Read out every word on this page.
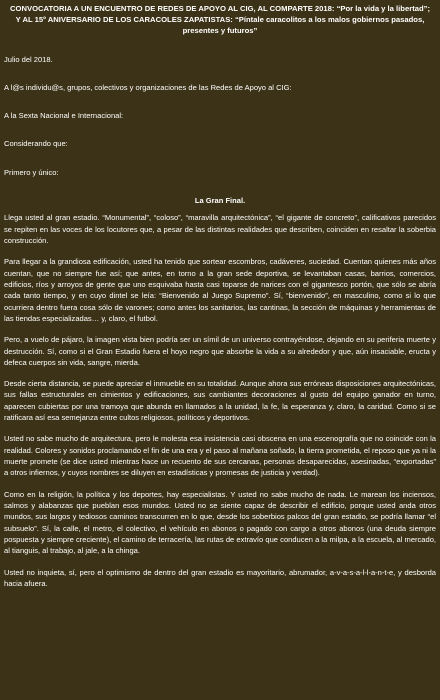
CONVOCATORIA A UN ENCUENTRO DE REDES DE APOYO AL CIG, AL COMPARTE 2018: “Por la vida y la libertad”; Y AL 15º ANIVERSARIO DE LOS CARACOLES ZAPATISTAS: “Píntale caracolitos a los malos gobiernos pasados, presentes y futuros”

Julio del 2018.

A l@s individu@s, grupos, colectivos y organizaciones de las Redes de Apoyo al CIG:

A la Sexta Nacional e Internacional:

Considerando que:

Primero y único:

La Gran Final.

Llega usted al gran estadio. “Monumental”, “coloso”, “maravilla arquitectónica”, “el gigante de concreto”, calificativos parecidos se repiten en las voces de los locutores que, a pesar de las distintas realidades que describen, coinciden en resaltar la soberbia construcción.

Para llegar a la grandiosa edificación, usted ha tenido que sortear escombros, cadáveres, suciedad. Cuentan quienes más años cuentan, que no siempre fue así; que antes, en torno a la gran sede deportiva, se levantaban casas, barrios, comercios, edificios, ríos y arroyos de gente que uno esquivaba hasta casi toparse de narices con el gigantesco portón, que sólo se abría cada tanto tiempo, y en cuyo dintel se leía: “Bienvenido al Juego Supremo”. Sí, “bienvenido”, en masculino, como si lo que ocurriera dentro fuera cosa sólo de varones; como antes los sanitarios, las cantinas, la sección de máquinas y herramientas de las tiendas especializadas… y, claro, el futbol.

Pero, a vuelo de pájaro, la imagen vista bien podría ser un símil de un universo contrayéndose, dejando en su periferia muerte y destrucción. Sí, como si el Gran Estadio fuera el hoyo negro que absorbe la vida a su alrededor y que, aún insaciable, eructa y defeca cuerpos sin vida, sangre, mierda.

Desde cierta distancia, se puede apreciar el inmueble en su totalidad. Aunque ahora sus erróneas disposiciones arquitectónicas, sus fallas estructurales en cimientos y edificaciones, sus cambiantes decoraciones al gusto del equipo ganador en turno, aparecen cubiertas por una tramoya que abunda en llamados a la unidad, la fe, la esperanza y, claro, la caridad. Como si se ratificara así esa semejanza entre cultos religiosos, políticos y deportivos.

Usted no sabe mucho de arquitectura, pero le molesta esa insistencia casi obscena en una escenografía que no coincide con la realidad. Colores y sonidos proclamando el fin de una era y el paso al mañana soñado, la tierra prometida, el reposo que ya ni la muerte promete (se dice usted mientras hace un recuento de sus cercanas, personas desaparecidas, asesinadas, “exportadas” a otros infiernos, y cuyos nombres se diluyen en estadísticas y promesas de justicia y verdad).

Como en la religión, la política y los deportes, hay especialistas. Y usted no sabe mucho de nada. Le marean los inciensos, salmos y alabanzas que pueblan esos mundos. Usted no se siente capaz de describir el edificio, porque usted anda otros mundos, sus largos y tediosos caminos transcurren en lo que, desde los soberbios palcos del gran estadio, se podría llamar “el subsuelo”. Sí, la calle, el metro, el colectivo, el vehículo en abonos o pagado con cargo a otros abonos (una deuda siempre pospuesta y siempre creciente), el camino de terracería, las rutas de extravío que conducen a la milpa, a la escuela, al mercado, al tianguis, al trabajo, al jale, a la chinga.

Usted no inquieta, sí, pero el optimismo de dentro del gran estadio es mayoritario, abrumador, a-v-a-s-a-l-l-a-n-t-e, y desborda hacia afuera.
